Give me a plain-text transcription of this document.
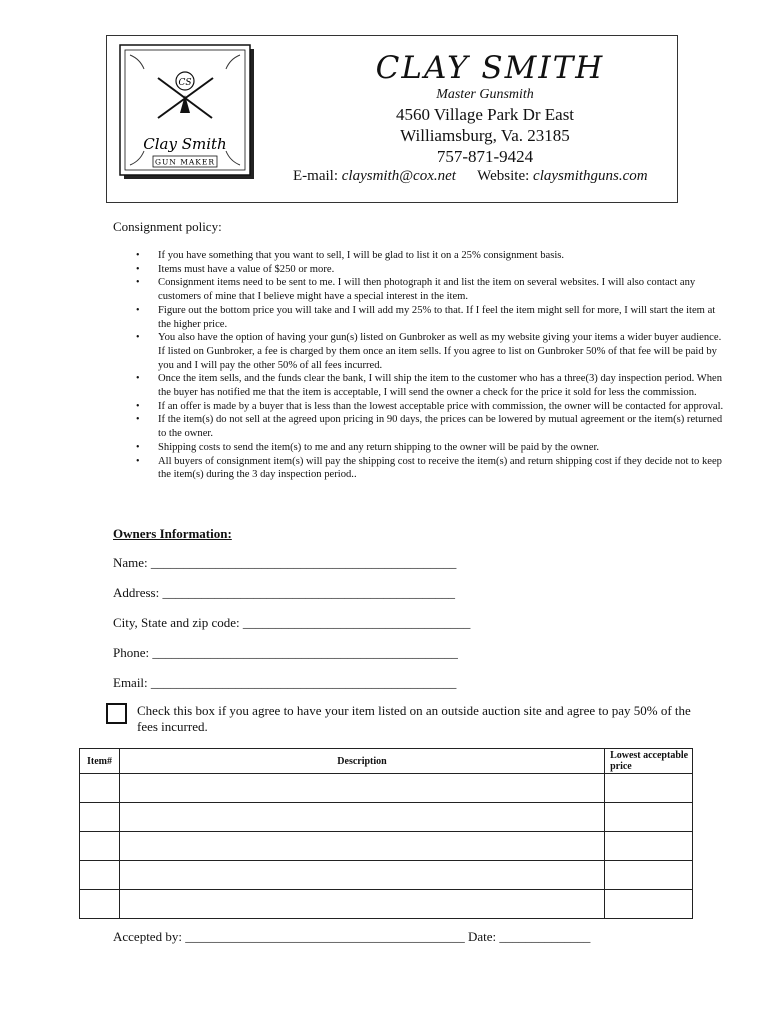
CS
Clay Smith
GUN MAKER

CLAY SMITH

Master Gunsmith

4560 Village Park Dr East

Williamsburg, Va. 23185

757-871-9424

E-mail: claysmith@cox.net Website: claysmithguns.com
Consignment policy:
• If you have something that you want to sell, I will be glad to list it on a 25% consignment basis.
• Items must have a value of $250 or more.
• Consignment items need to be sent to me. I will then photograph it and list the item on several websites. I will also contact any customers of mine that I believe might have a special interest in the item.
• Figure out the bottom price you will take and I will add my 25% to that. If I feel the item might sell for more, I will start the item at the higher price.
• You also have the option of having your gun(s) listed on Gunbroker as well as my website giving your items a wider buyer audience. If listed on Gunbroker, a fee is charged by them once an item sells. If you agree to list on Gunbroker 50% of that fee will be paid by you and I will pay the other 50% of all fees incurred.
• Once the item sells, and the funds clear the bank, I will ship the item to the customer who has a three(3) day inspection period. When the buyer has notified me that the item is acceptable, I will send the owner a check for the price it sold for less the commission.
• If an offer is made by a buyer that is less than the lowest acceptable price with commission, the owner will be contacted for approval.
• If the item(s) do not sell at the agreed upon pricing in 90 days, the prices can be lowered by mutual agreement or the item(s) returned to the owner.
• Shipping costs to send the item(s) to me and any return shipping to the owner will be paid by the owner.
• All buyers of consignment item(s) will pay the shipping cost to receive the item(s) and return shipping cost if they decide not to keep the item(s) during the 3 day inspection period..
Owners Information:
Name: _______________________________________________
Address: _____________________________________________
City, State and zip code: ___________________________________
Phone: _______________________________________________
Email: _______________________________________________
Check this box if you agree to have your item listed on an outside auction site and agree to pay 50% of the fees incurred.
Item#	Description	Lowest acceptable price

Accepted by: ___________________________________________ Date: ______________
